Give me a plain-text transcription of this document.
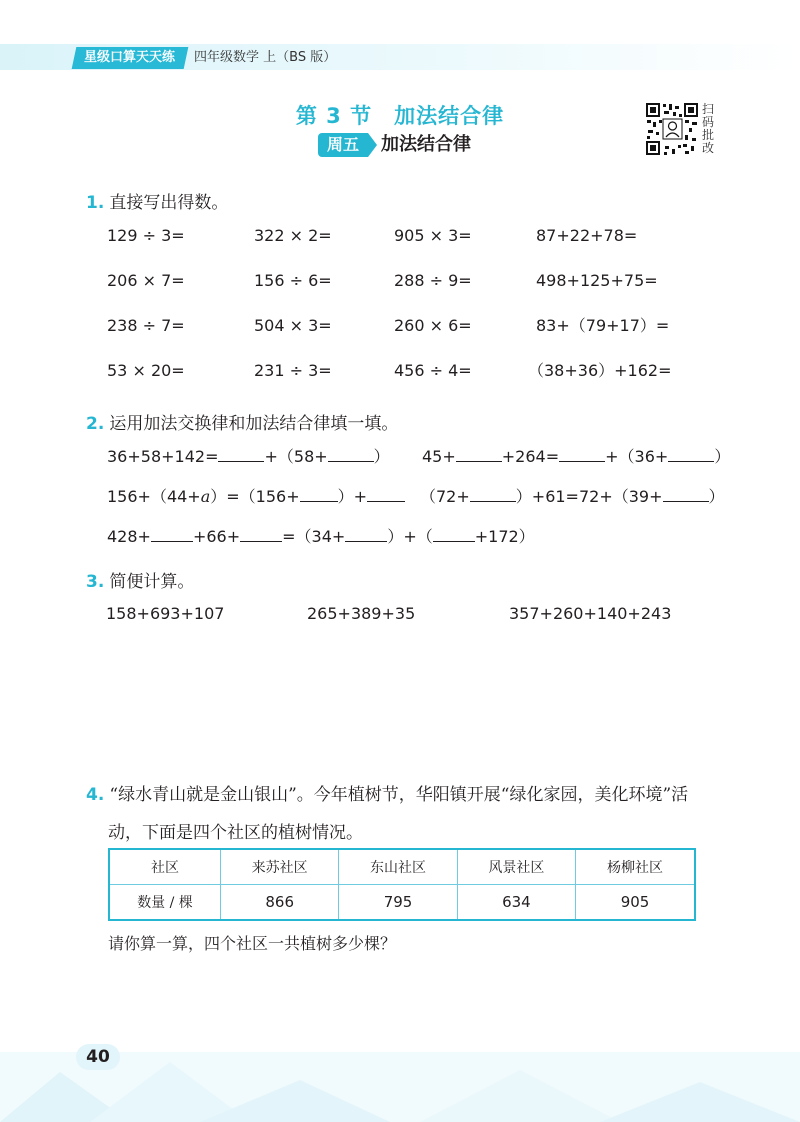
星级口算天天练	四年级数学 上（BS 版）
第 3 节　加法结合律
周五	加法结合律
扫码批改
1. 直接写出得数。
129 ÷ 3=	322 × 2=	905 × 3=	87+22+78=
206 × 7=	156 ÷ 6=	288 ÷ 9=	498+125+75=
238 ÷ 7=	504 × 3=	260 × 6=	83+（79+17）=
53 × 20=	231 ÷ 3=	456 ÷ 4=	（38+36）+162=
2. 运用加法交换律和加法结合律填一填。
36+58+142=	+（58+	） 45+	+264=	+（36+	）
156+（44+a）=（156+ ）+	（72+	）+61=72+（39+	）
428+	+66+	=（34+	）+（	+172）
3. 简便计算。
158+693+107	265+389+35	357+260+140+243
4. “绿水青山就是金山银山”。今年植树节，华阳镇开展“绿化家园，美化环境”活
动，下面是四个社区的植树情况。
社区	来苏社区	东山社区	风景社区	杨柳社区
数量 / 棵	866	795	634	905
请你算一算，四个社区一共植树多少棵？
40
